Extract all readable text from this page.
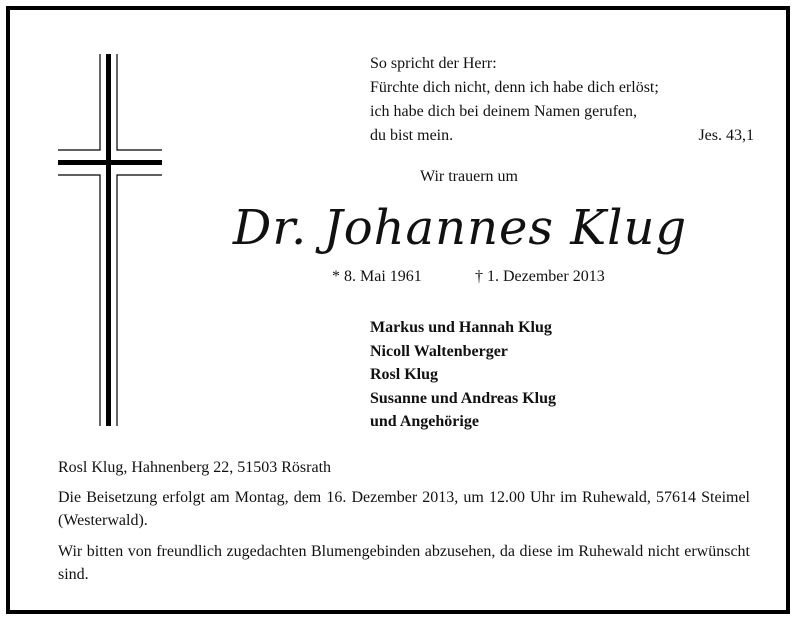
So spricht der Herr:
Fürchte dich nicht, denn ich habe dich erlöst;
ich habe dich bei deinem Namen gerufen,
du bist mein.	Jes. 43,1
Wir trauern um
Dr. Johannes Klug
* 8. Mai 1961	† 1. Dezember 2013
Markus und Hannah Klug
Nicoll Waltenberger
Rosl Klug
Susanne und Andreas Klug
und Angehörige
Rosl Klug, Hahnenberg 22, 51503 Rösrath
Die Beisetzung erfolgt am Montag, dem 16. Dezember 2013, um 12.00 Uhr im Ruhewald, 57614 Steimel (Westerwald).
Wir bitten von freundlich zugedachten Blumengebinden abzusehen, da diese im Ruhewald nicht erwünscht sind.
